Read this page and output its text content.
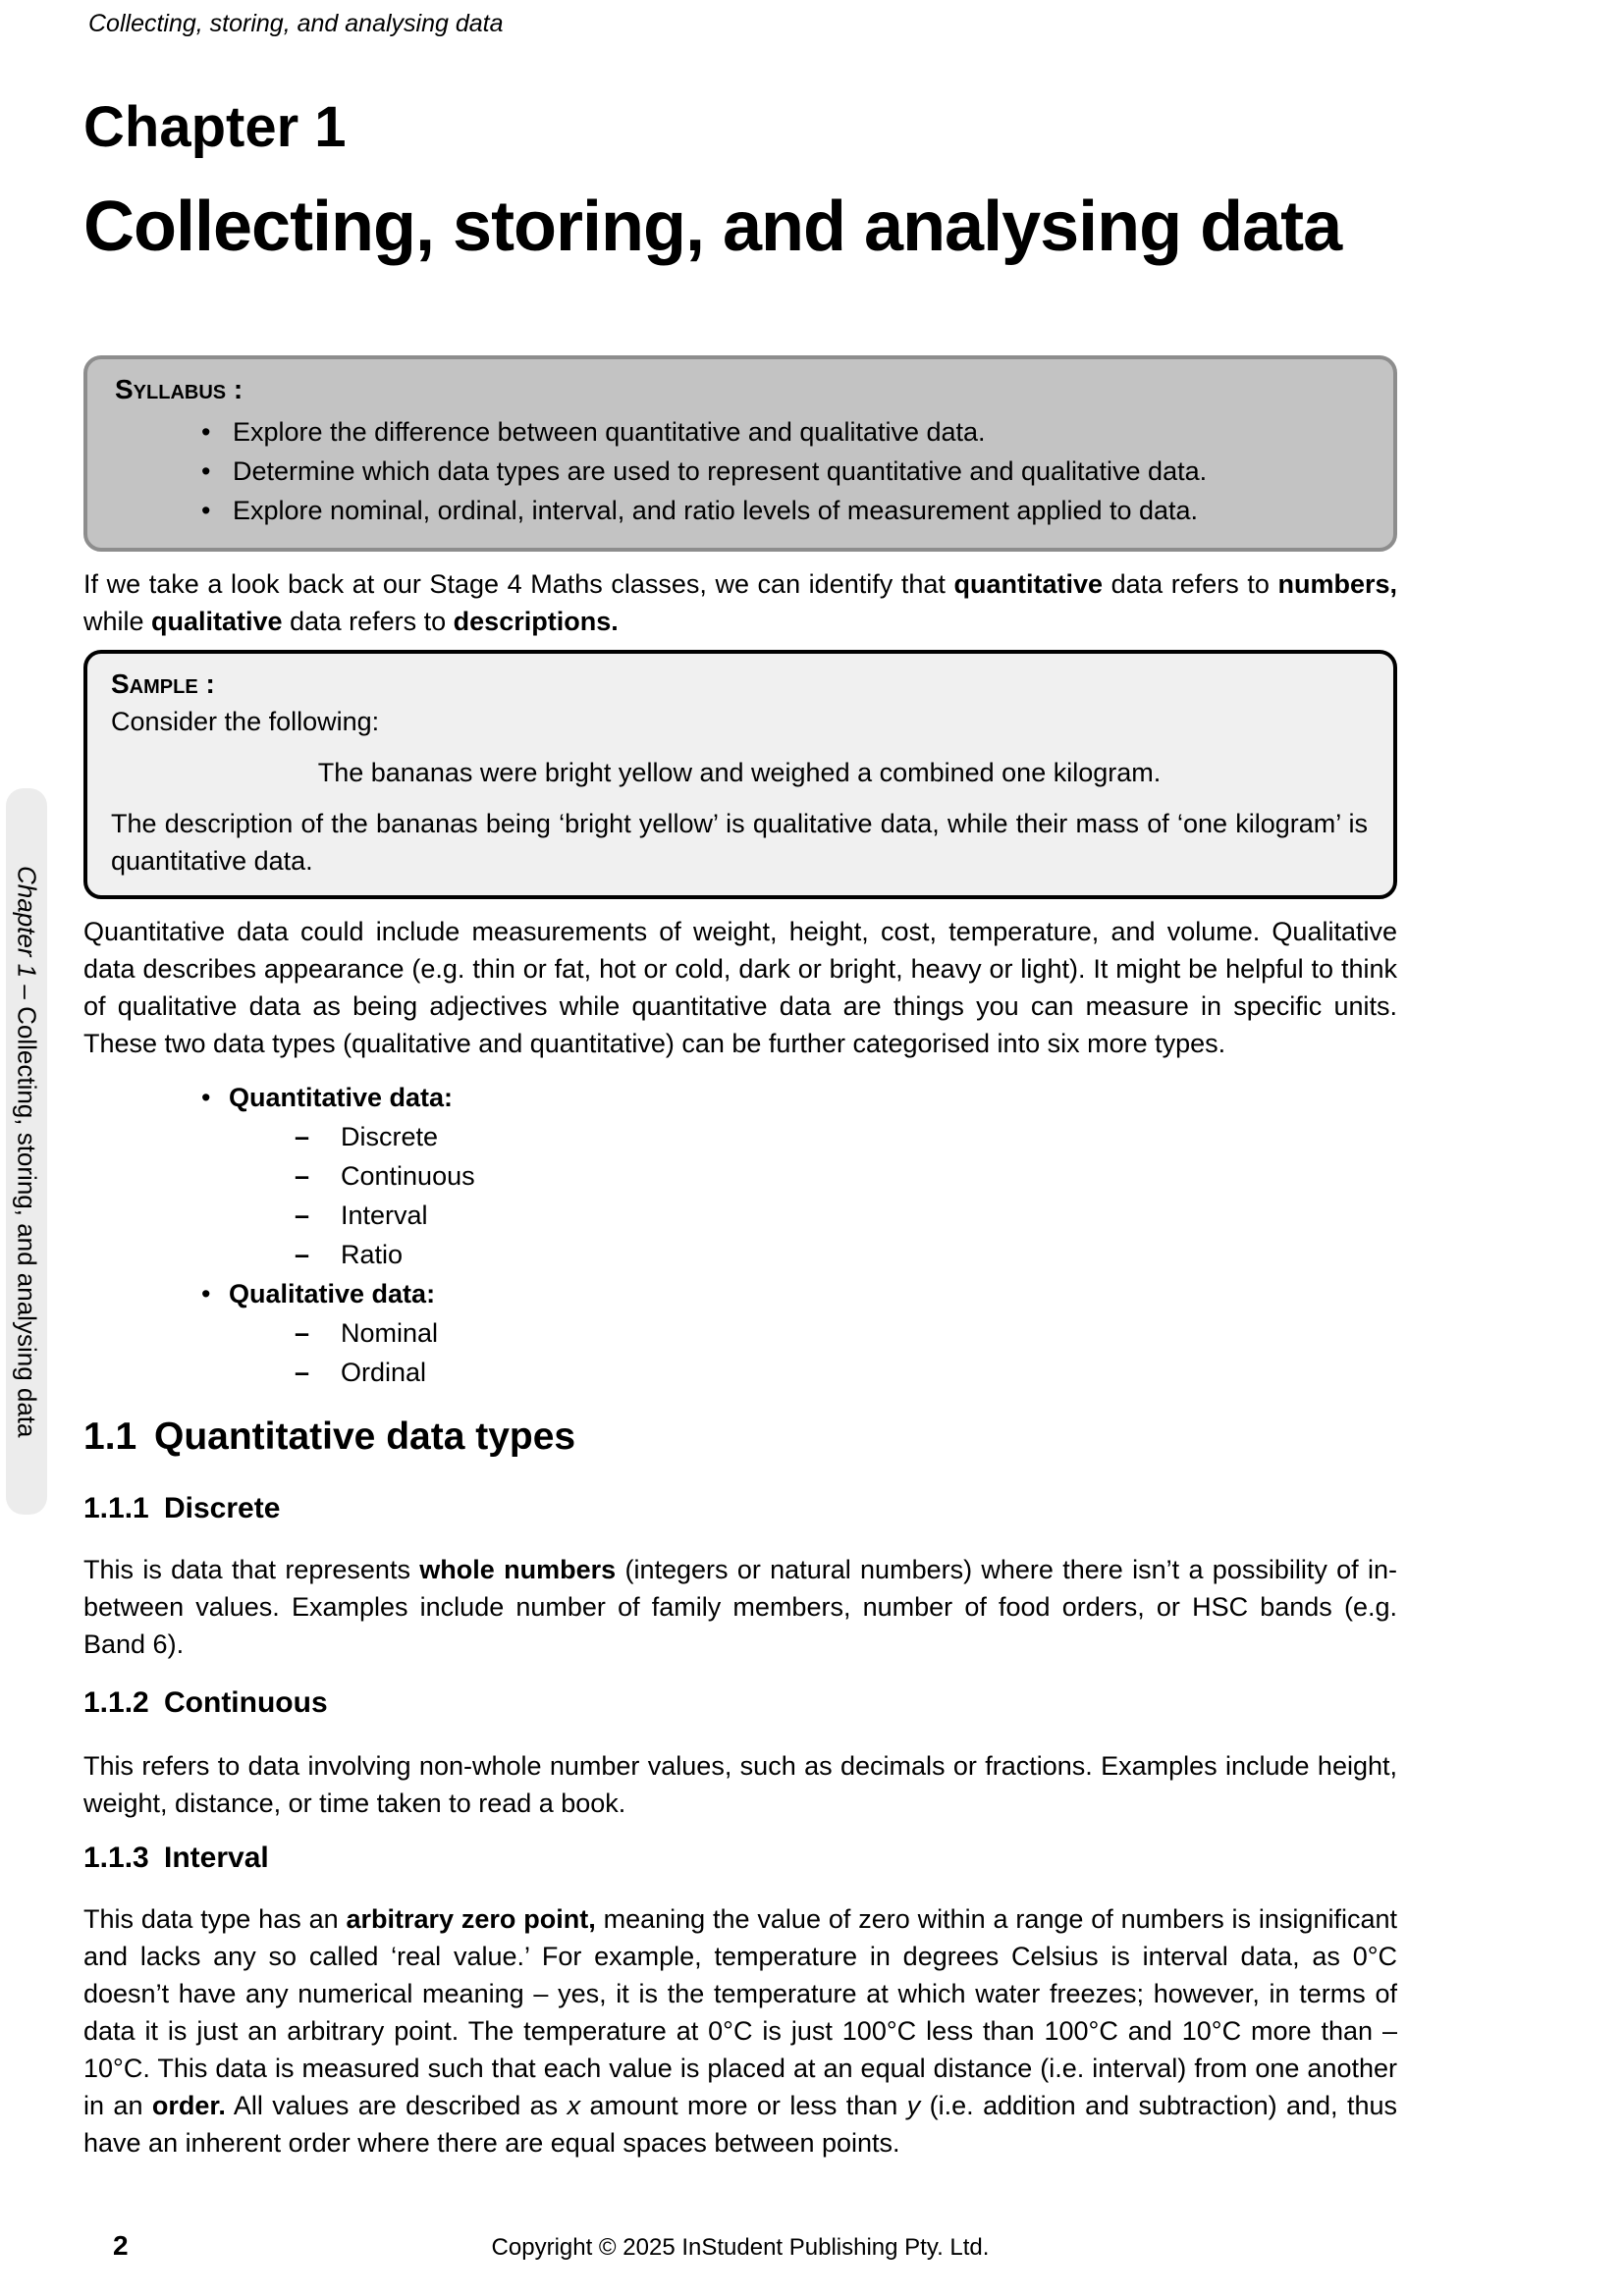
Collecting, storing, and analysing data
Chapter 1
Collecting, storing, and analysing data
Syllabus :
• Explore the difference between quantitative and qualitative data.
• Determine which data types are used to represent quantitative and qualitative data.
• Explore nominal, ordinal, interval, and ratio levels of measurement applied to data.
If we take a look back at our Stage 4 Maths classes, we can identify that quantitative data refers to numbers, while qualitative data refers to descriptions.
Sample :
Consider the following:
The bananas were bright yellow and weighed a combined one kilogram.
The description of the bananas being ‘bright yellow’ is qualitative data, while their mass of ‘one kilogram’ is quantitative data.
Quantitative data could include measurements of weight, height, cost, temperature, and volume. Qualitative data describes appearance (e.g. thin or fat, hot or cold, dark or bright, heavy or light). It might be helpful to think of qualitative data as being adjectives while quantitative data are things you can measure in specific units. These two data types (qualitative and quantitative) can be further categorised into six more types.
• Quantitative data:
– Discrete
– Continuous
– Interval
– Ratio
• Qualitative data:
– Nominal
– Ordinal
1.1 Quantitative data types
1.1.1 Discrete
This is data that represents whole numbers (integers or natural numbers) where there isn’t a possibility of in-between values. Examples include number of family members, number of food orders, or HSC bands (e.g. Band 6).
1.1.2 Continuous
This refers to data involving non-whole number values, such as decimals or fractions. Examples include height, weight, distance, or time taken to read a book.
1.1.3 Interval
This data type has an arbitrary zero point, meaning the value of zero within a range of numbers is insignificant and lacks any so called ‘real value.’ For example, temperature in degrees Celsius is interval data, as 0°C doesn’t have any numerical meaning – yes, it is the temperature at which water freezes; however, in terms of data it is just an arbitrary point. The temperature at 0°C is just 100°C less than 100°C and 10°C more than –10°C. This data is measured such that each value is placed at an equal distance (i.e. interval) from one another in an order. All values are described as x amount more or less than y (i.e. addition and subtraction) and, thus have an inherent order where there are equal spaces between points.
Chapter 1 – Collecting, storing, and analysing data
2	Copyright © 2025 InStudent Publishing Pty. Ltd.
